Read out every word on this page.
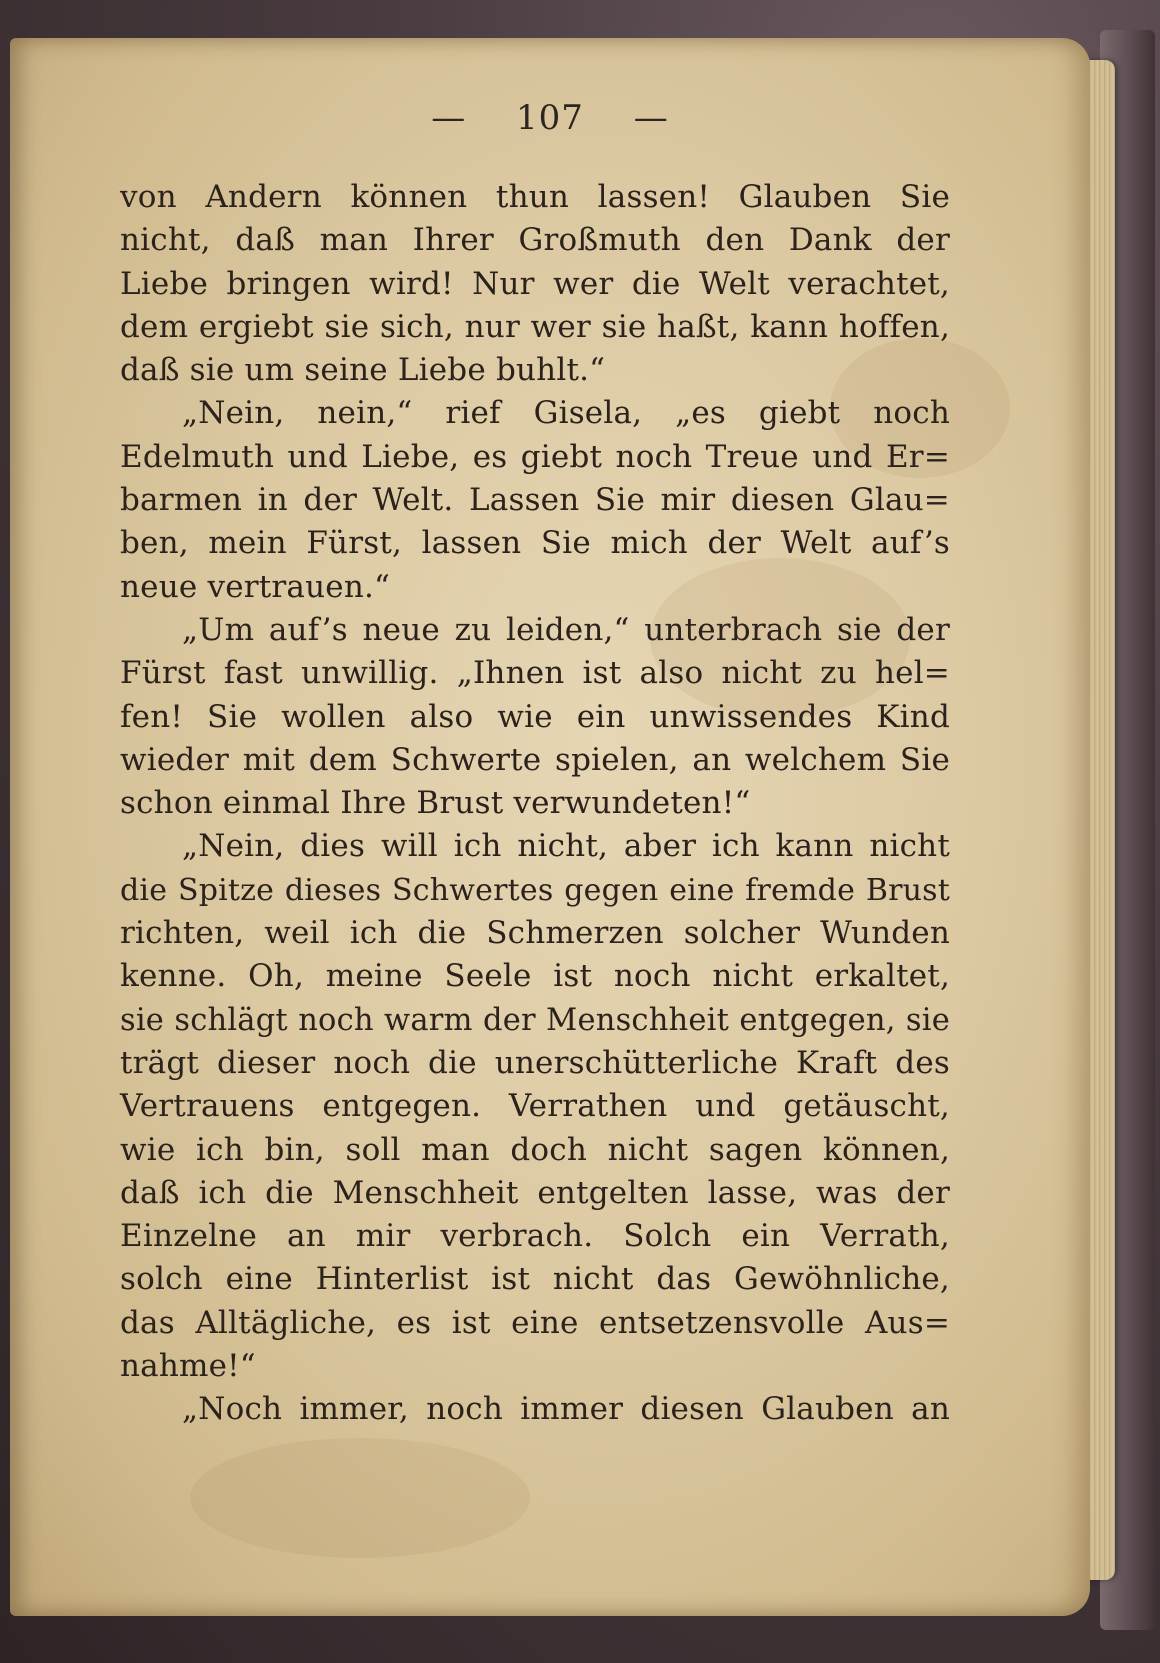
— 107 —
von Andern können thun lassen! Glauben Sie
nicht, daß man Ihrer Großmuth den Dank der
Liebe bringen wird! Nur wer die Welt verachtet,
dem ergiebt sie sich, nur wer sie haßt, kann hoffen,
daß sie um seine Liebe buhlt.“
„Nein, nein,“ rief Gisela, „es giebt noch
Edelmuth und Liebe, es giebt noch Treue und Er=
barmen in der Welt. Lassen Sie mir diesen Glau=
ben, mein Fürst, lassen Sie mich der Welt auf’s
neue vertrauen.“
„Um auf’s neue zu leiden,“ unterbrach sie der
Fürst fast unwillig. „Ihnen ist also nicht zu hel=
fen! Sie wollen also wie ein unwissendes Kind
wieder mit dem Schwerte spielen, an welchem Sie
schon einmal Ihre Brust verwundeten!“
„Nein, dies will ich nicht, aber ich kann nicht
die Spitze dieses Schwertes gegen eine fremde Brust
richten, weil ich die Schmerzen solcher Wunden
kenne. Oh, meine Seele ist noch nicht erkaltet,
sie schlägt noch warm der Menschheit entgegen, sie
trägt dieser noch die unerschütterliche Kraft des
Vertrauens entgegen. Verrathen und getäuscht,
wie ich bin, soll man doch nicht sagen können,
daß ich die Menschheit entgelten lasse, was der
Einzelne an mir verbrach. Solch ein Verrath,
solch eine Hinterlist ist nicht das Gewöhnliche,
das Alltägliche, es ist eine entsetzensvolle Aus=
nahme!“
„Noch immer, noch immer diesen Glauben an
